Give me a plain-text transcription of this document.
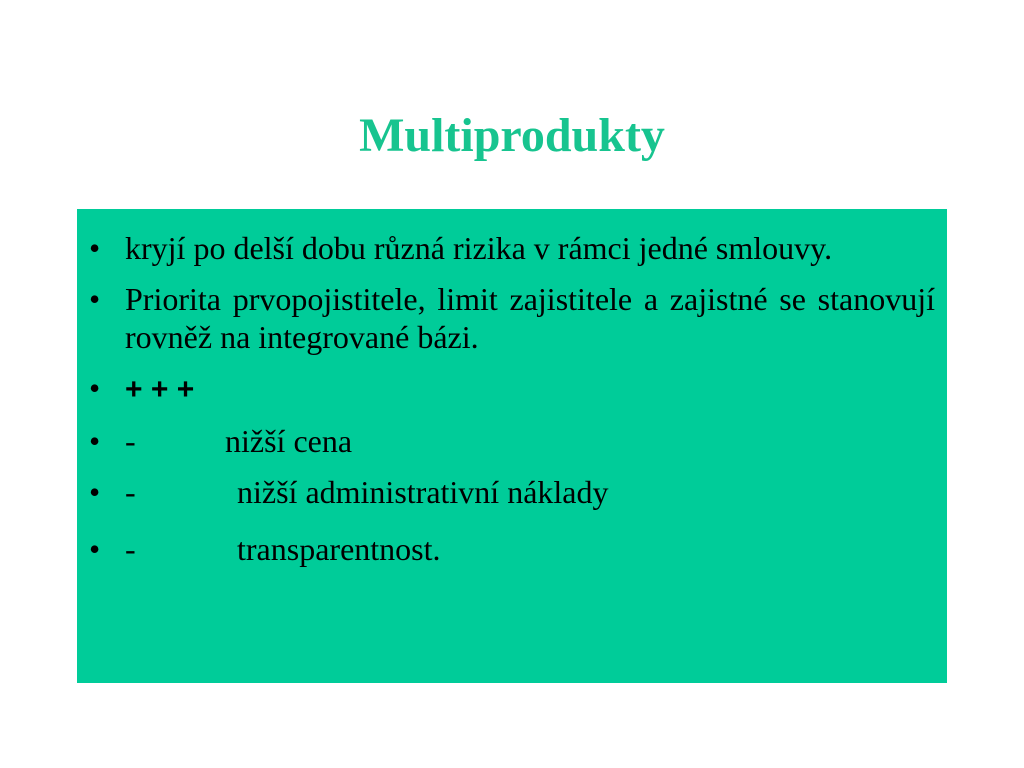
Multiprodukty
• kryjí po delší dobu různá rizika v rámci jedné smlouvy.
• Priorita prvopojistitele, limit zajistitele a zajistné se stanovují rovněž na integrované bázi.
• + + +
• -	nižší cena
• -	nižší administrativní náklady
• -	transparentnost.
